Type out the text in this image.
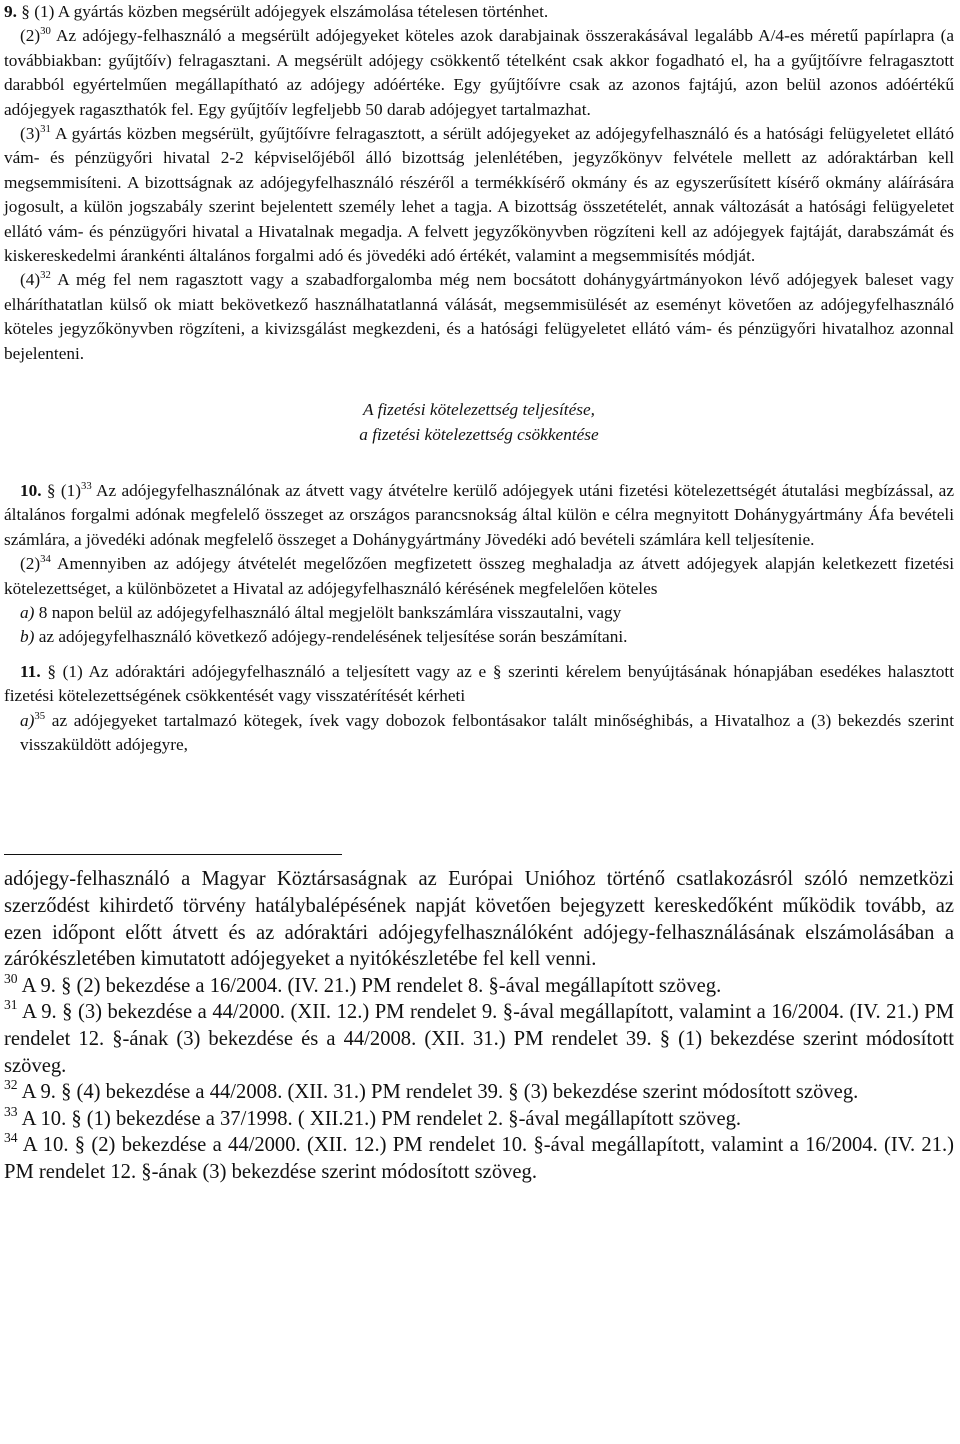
9. § (1) A gyártás közben megsérült adójegyek elszámolása tételesen történhet.

$(2)^{30}$ Az adójegy-felhasználó a megsérült adójegyeket köteles azok darabjainak összerakásával legalább A/4-es méretű papírlapra (a továbbiakban: gyűjtőív) felragasztani. A megsérült adójegy csökkentő tételként csak akkor fogadható el, ha a gyűjtőívre felragasztott darabból egyértelműen megállapítható az adójegy adóértéke. Egy gyűjtőívre csak az azonos fajtájú, azon belül azonos adóértékű adójegyek ragaszthatók fel. Egy gyűjtőív legfeljebb 50 darab adójegyet tartalmazhat.

$(3)^{31}$ A gyártás közben megsérült, gyűjtőívre felragasztott, a sérült adójegyeket az adójegyfelhasználó és a hatósági felügyeletet ellátó vám- és pénzügyőri hivatal 2-2 képviselőjéből álló bizottság jelenlétében, jegyzőkönyv felvétele mellett az adóraktárban kell megsemmisíteni. A bizottságnak az adójegyfelhasználó részéről a termékkísérő okmány és az egyszerűsített kísérő okmány aláírására jogosult, a külön jogszabály szerint bejelentett személy lehet a tagja. A bizottság összetételét, annak változását a hatósági felügyeletet ellátó vám- és pénzügyőri hivatal a Hivatalnak megadja. A felvett jegyzőkönyvben rögzíteni kell az adójegyek fajtáját, darabszámát és kiskereskedelmi árankénti általános forgalmi adó és jövedéki adó értékét, valamint a megsemmisítés módját.

$(4)^{32}$ A még fel nem ragasztott vagy a szabadforgalomba még nem bocsátott dohánygyártmányokon lévő adójegyek baleset vagy elháríthatatlan külső ok miatt bekövetkező használhatatlanná válását, megsemmisülését az eseményt követően az adójegyfelhasználó köteles jegyzőkönyvben rögzíteni, a kivizsgálást megkezdeni, és a hatósági felügyeletet ellátó vám- és pénzügyőri hivatalhoz azonnal bejelenteni.

A fizetési kötelezettség teljesítése,

a fizetési kötelezettség csökkentése

10. § $(1)^{33}$ Az adójegyfelhasználónak az átvett vagy átvételre kerülő adójegyek utáni fizetési kötelezettségét átutalási megbízással, az általános forgalmi adónak megfelelő összeget az országos parancsnokság által külön e célra megnyitott Dohánygyártmány Áfa bevételi számlára, a jövedéki adónak megfelelő összeget a Dohánygyártmány Jövedéki adó bevételi számlára kell teljesítenie.

$(2)^{34}$ Amennyiben az adójegy átvételét megelőzően megfizetett összeg meghaladja az átvett adójegyek alapján keletkezett fizetési kötelezettséget, a különbözetet a Hivatal az adójegyfelhasználó kérésének megfelelően köteles

a) 8 napon belül az adójegyfelhasználó által megjelölt bankszámlára visszautalni, vagy

b) az adójegyfelhasználó következő adójegy-rendelésének teljesítése során beszámítani.

11. § (1) Az adóraktári adójegyfelhasználó a teljesített vagy az e § szerinti kérelem benyújtásának hónapjában esedékes halasztott fizetési kötelezettségének csökkentését vagy visszatérítését kérheti

a)$^{35}$ az adójegyeket tartalmazó kötegek, ívek vagy dobozok felbontásakor talált minőséghibás, a Hivatalhoz a (3) bekezdés szerint visszaküldött adójegyre,

adójegy-felhasználó a Magyar Köztársaságnak az Európai Unióhoz történő csatlakozásról szóló nemzetközi szerződést kihirdető törvény hatálybalépésének napját követően bejegyzett kereskedőként működik tovább, az ezen időpont előtt átvett és az adóraktári adójegyfelhasználóként adójegy-felhasználásának elszámolásában a zárókészletében kimutatott adójegyeket a nyitókészletébe fel kell venni.

$^{30}$ A 9. § (2) bekezdése a 16/2004. (IV. 21.) PM rendelet 8. §-ával megállapított szöveg.

$^{31}$ A 9. § (3) bekezdése a 44/2000. (XII. 12.) PM rendelet 9. §-ával megállapított, valamint a 16/2004. (IV. 21.) PM rendelet 12. §-ának (3) bekezdése és a 44/2008. (XII. 31.) PM rendelet 39. § (1) bekezdése szerint módosított szöveg.

$^{32}$ A 9. § (4) bekezdése a 44/2008. (XII. 31.) PM rendelet 39. § (3) bekezdése szerint módosított szöveg.

$^{33}$ A 10. § (1) bekezdése a 37/1998. ( XII.21.) PM rendelet 2. §-ával megállapított szöveg.

$^{34}$ A 10. § (2) bekezdése a 44/2000. (XII. 12.) PM rendelet 10. §-ával megállapított, valamint a 16/2004. (IV. 21.) PM rendelet 12. §-ának (3) bekezdése szerint módosított szöveg.
